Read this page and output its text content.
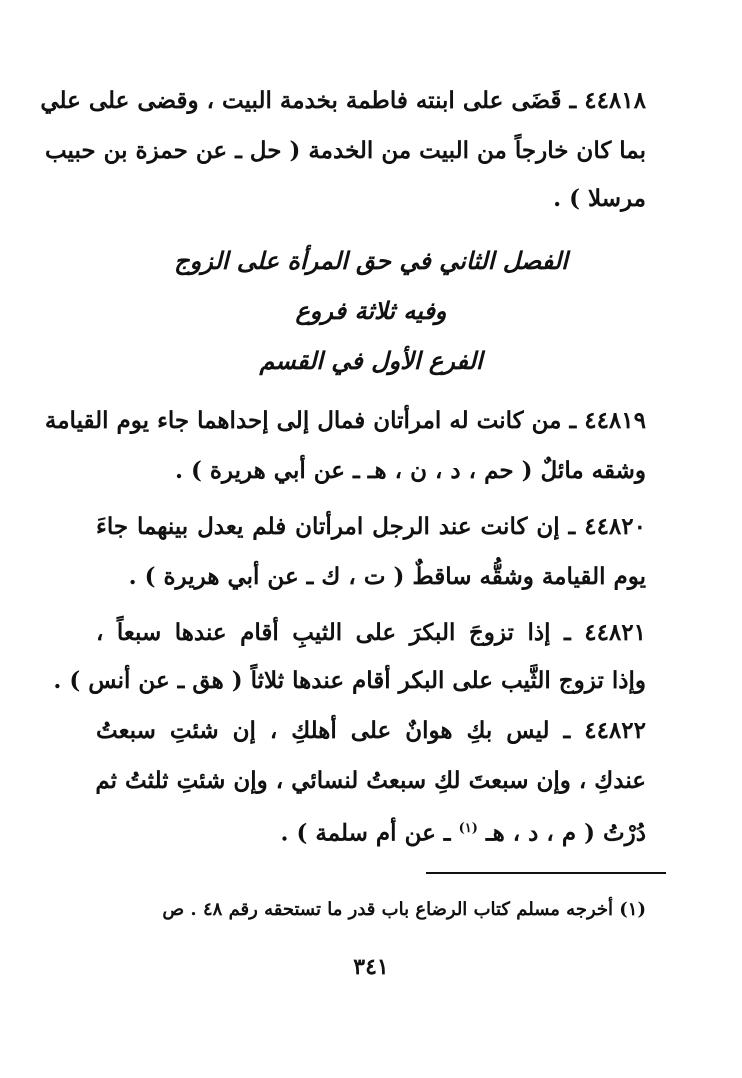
٤٤٨١٨ ـ قَضَى على ابنته فاطمة بخدمة البيت ، وقضى على علي
بما كان خارجاً من البيت من الخدمة ( حل ـ عن حمزة بن حبيب
مرسلا ) .
الفصل الثاني في حق المرأة على الزوج
وفيه ثلاثة فروع
الفرع الأول في القسم
٤٤٨١٩ ـ من كانت له امرأتان فمال إلى إحداهما جاء يوم القيامة
وشقه مائلٌ ( حم ، د ، ن ، هـ ـ عن أبي هريرة ) .
٤٤٨٢٠ ـ إن كانت عند الرجل امرأتان فلم يعدل بينهما جاءَ
يوم القيامة وشقُّه ساقطٌ ( ت ، ك ـ عن أبي هريرة ) .
٤٤٨٢١ ـ إذا تزوجَ البكرَ على الثيبِ أقام عندها سبعاً ،
وإذا تزوج الثَّيب على البكر أقام عندها ثلاثاً ( هق ـ عن أنس ) .
٤٤٨٢٢ ـ ليس بكِ هوانٌ على أهلكِ ، إن شئتِ سبعتُ
عندكِ ، وإن سبعتَ لكِ سبعتُ لنسائي ، وإن شئتِ ثلثتُ ثم
دُرْتُ ( م ، د ، هـ $^{(١)}$ ـ عن أم سلمة ) .
(١) أخرجه مسلم كتاب الرضاع باب قدر ما تستحقه رقم ٤٨ . ص
٣٤١
